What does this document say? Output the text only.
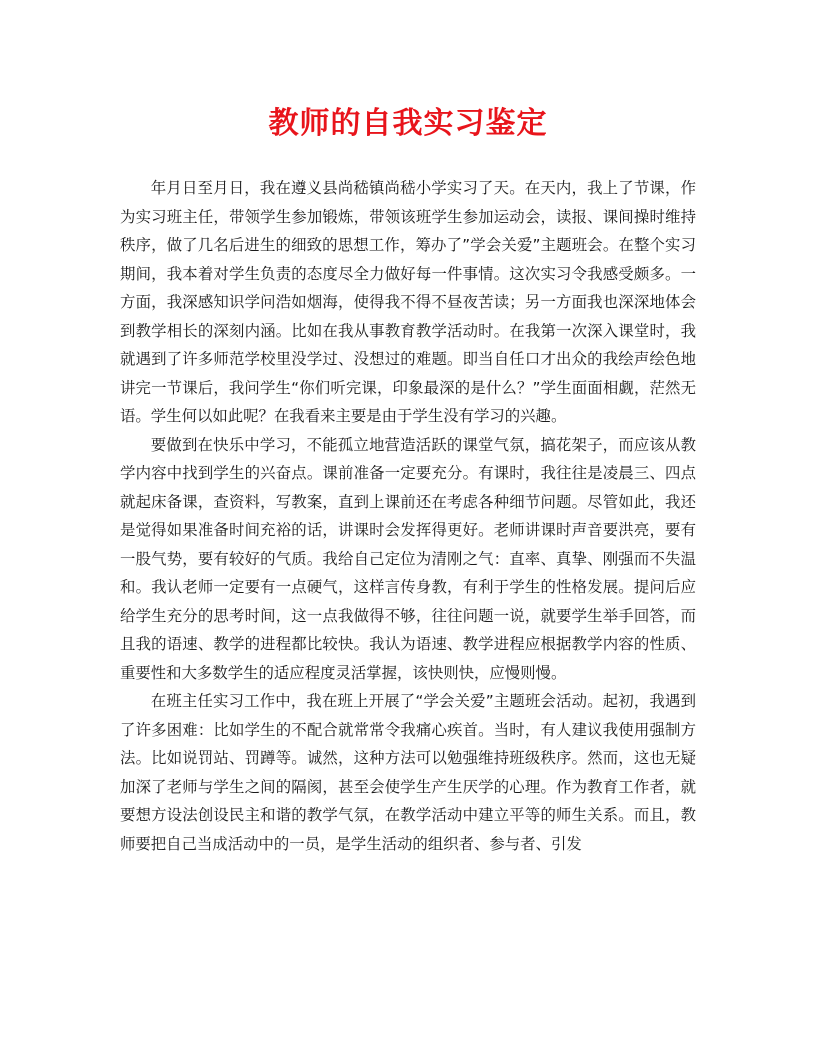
教师的自我实习鉴定

年月日至月日，我在遵义县尚嵇镇尚嵇小学实习了天。在天内，我上了节课，作为实习班主任，带领学生参加锻炼，带领该班学生参加运动会，读报、课间操时维持秩序，做了几名后进生的细致的思想工作，筹办了”学会关爱”主题班会。在整个实习期间，我本着对学生负责的态度尽全力做好每一件事情。这次实习令我感受颇多。一方面，我深感知识学问浩如烟海，使得我不得不昼夜苦读；另一方面我也深深地体会到教学相长的深刻内涵。比如在我从事教育教学活动时。在我第一次深入课堂时，我就遇到了许多师范学校里没学过、没想过的难题。即当自任口才出众的我绘声绘色地讲完一节课后，我问学生“你们听完课，印象最深的是什么？”学生面面相觑，茫然无语。学生何以如此呢？在我看来主要是由于学生没有学习的兴趣。

要做到在快乐中学习，不能孤立地营造活跃的课堂气氛，搞花架子，而应该从教学内容中找到学生的兴奋点。课前准备一定要充分。有课时，我往往是凌晨三、四点就起床备课，查资料，写教案，直到上课前还在考虑各种细节问题。尽管如此，我还是觉得如果准备时间充裕的话，讲课时会发挥得更好。老师讲课时声音要洪亮，要有一股气势，要有较好的气质。我给自己定位为清刚之气：直率、真挚、刚强而不失温和。我认老师一定要有一点硬气，这样言传身教，有利于学生的性格发展。提问后应给学生充分的思考时间，这一点我做得不够，往往问题一说，就要学生举手回答，而且我的语速、教学的进程都比较快。我认为语速、教学进程应根据教学内容的性质、重要性和大多数学生的适应程度灵活掌握，该快则快，应慢则慢。

在班主任实习工作中，我在班上开展了“学会关爱”主题班会活动。起初，我遇到了许多困难：比如学生的不配合就常常令我痛心疾首。当时，有人建议我使用强制方法。比如说罚站、罚蹲等。诚然，这种方法可以勉强维持班级秩序。然而，这也无疑加深了老师与学生之间的隔阂，甚至会使学生产生厌学的心理。作为教育工作者，就要想方设法创设民主和谐的教学气氛，在教学活动中建立平等的师生关系。而且，教师要把自己当成活动中的一员，是学生活动的组织者、参与者、引发
